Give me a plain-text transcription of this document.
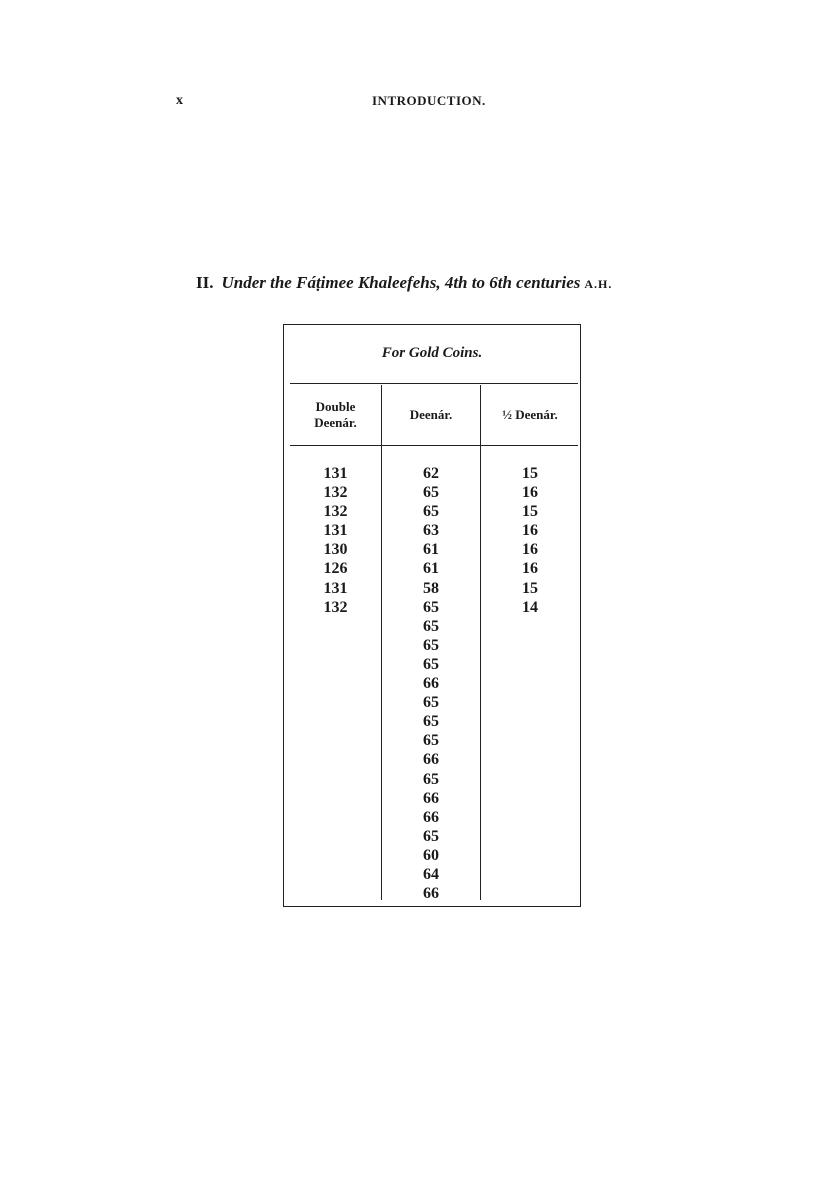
x	INTRODUCTION.
II. Under the Fáṭimee Khaleefehs, 4th to 6th centuries A.H.
For Gold Coins.
Double
Deenár.
Deenár.	½ Deenár.
131
132
132
131
130
126
131
132
62
65
65
63
61
61
58
65
65
65
65
66
65
65
65
66
65
66
66
65
60
64
66
15
16
15
16
16
16
15
14
